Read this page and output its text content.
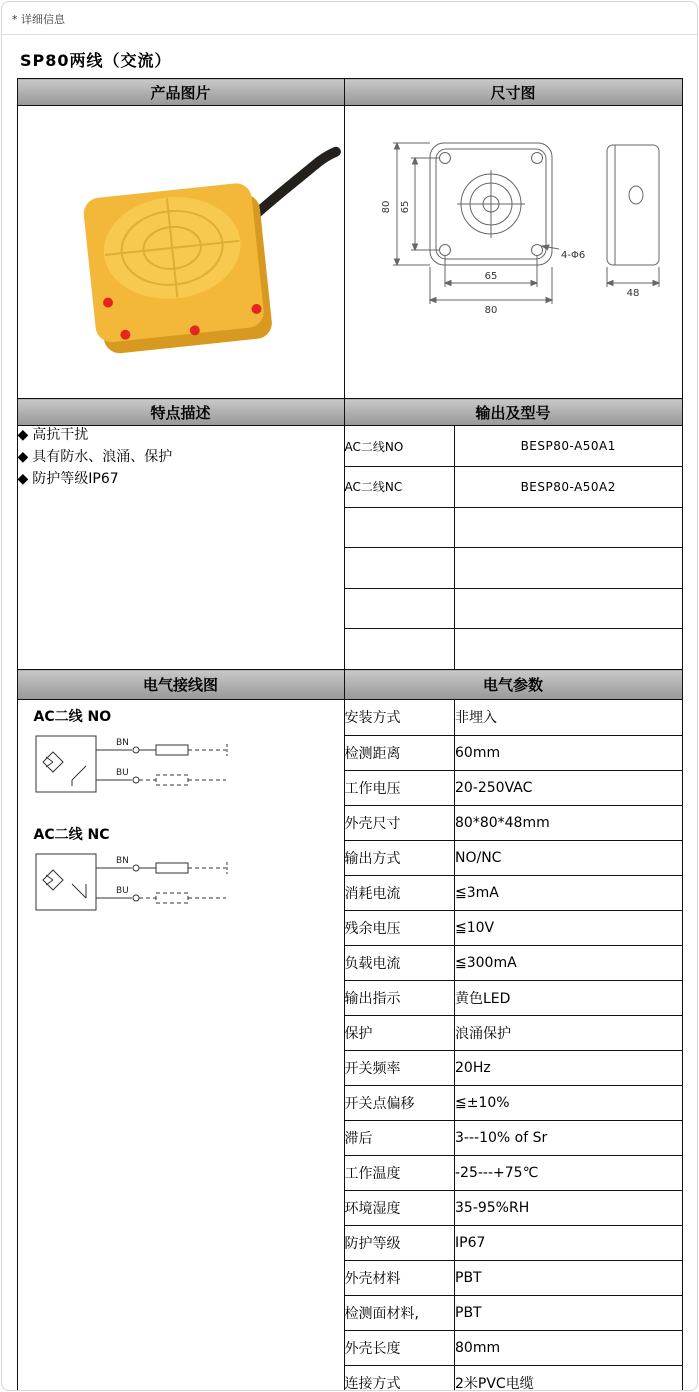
* 详细信息
SP80两线（交流）
产品图片	尺寸图

80 65
65
80
4-Φ6
48

特点描述	输出及型号

◆ 高抗干扰
◆ 具有防水、浪涌、保护
◆ 防护等级IP67

AC二线NO	BESP80-A50A1
AC二线NC	BESP80-A50A2

电气接线图	电气参数

AC二线 NO
BN
BU
AC二线 NC
BN
BU

安装方式	非埋入
检测距离	60mm
工作电压	20-250VAC
外壳尺寸	80*80*48mm
输出方式	NO/NC
消耗电流	≦3mA
残余电压	≦10V
负载电流	≦300mA
输出指示	黄色LED
保护	浪涌保护
开关频率	20Hz
开关点偏移	≦±10%
滞后	3---10% of Sr
工作温度	-25---+75℃
环境湿度	35-95%RH
防护等级	IP67
外壳材料	PBT
检测面材料,	PBT
外壳长度	80mm
连接方式	2米PVC电缆
